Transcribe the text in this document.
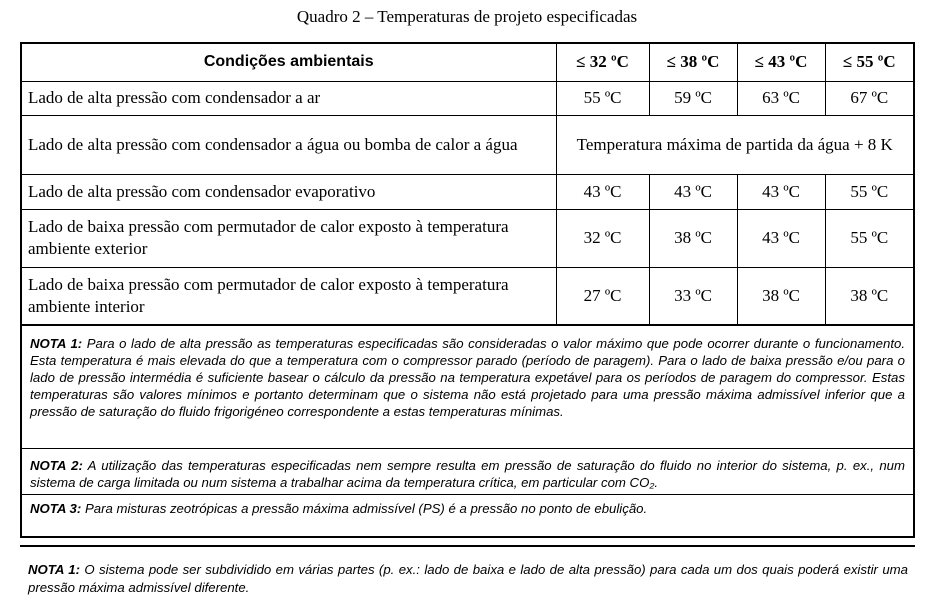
Quadro 2 – Temperaturas de projeto especificadas
Condições ambientais	≤ 32 ºC	≤ 38 ºC	≤ 43 ºC	≤ 55 ºC
Lado de alta pressão com condensador a ar	55 ºC	59 ºC	63 ºC	67 ºC
Lado de alta pressão com condensador a água ou bomba de calor a água	Temperatura máxima de partida da água + 8 K			
Lado de alta pressão com condensador evaporativo	43 ºC	43 ºC	43 ºC	55 ºC
Lado de baixa pressão com permutador de calor exposto à temperatura ambiente exterior	32 ºC	38 ºC	43 ºC	55 ºC
Lado de baixa pressão com permutador de calor exposto à temperatura ambiente interior	27 ºC	33 ºC	38 ºC	38 ºC
NOTA 1: Para o lado de alta pressão as temperaturas especificadas são consideradas o valor máximo que pode ocorrer durante o funcionamento. Esta temperatura é mais elevada do que a temperatura com o compressor parado (período de paragem). Para o lado de baixa pressão e/ou para o lado de pressão intermédia é suficiente basear o cálculo da pressão na temperatura expetável para os períodos de paragem do compressor. Estas temperaturas são valores mínimos e portanto determinam que o sistema não está projetado para uma pressão máxima admissível inferior que a pressão de saturação do fluido frigorigéneo correspondente a estas temperaturas mínimas.
NOTA 2: A utilização das temperaturas especificadas nem sempre resulta em pressão de saturação do fluido no interior do sistema, p. ex., num sistema de carga limitada ou num sistema a trabalhar acima da temperatura crítica, em particular com CO₂.
NOTA 3: Para misturas zeotrópicas a pressão máxima admissível (PS) é a pressão no ponto de ebulição.
NOTA 1: O sistema pode ser subdividido em várias partes (p. ex.: lado de baixa e lado de alta pressão) para cada um dos quais poderá existir uma pressão máxima admissível diferente.
